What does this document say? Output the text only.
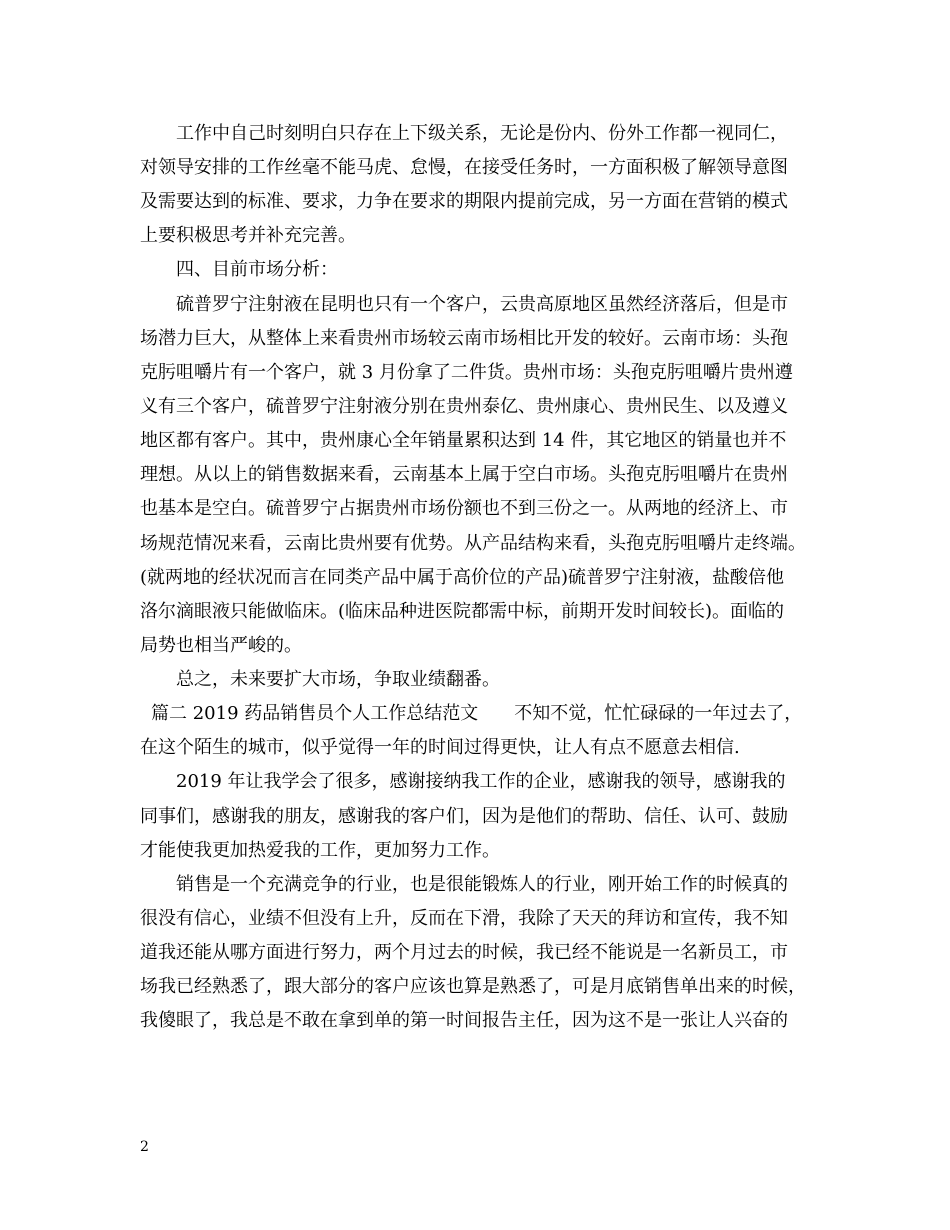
工作中自己时刻明白只存在上下级关系，无论是份内、份外工作都一视同仁，
对领导安排的工作丝毫不能马虎、怠慢，在接受任务时，一方面积极了解领导意图
及需要达到的标准、要求，力争在要求的期限内提前完成，另一方面在营销的模式
上要积极思考并补充完善。
四、目前市场分析：
硫普罗宁注射液在昆明也只有一个客户，云贵高原地区虽然经济落后，但是市
场潜力巨大，从整体上来看贵州市场较云南市场相比开发的较好。云南市场：头孢
克肟咀嚼片有一个客户，就 3 月份拿了二件货。贵州市场：头孢克肟咀嚼片贵州遵
义有三个客户，硫普罗宁注射液分别在贵州泰亿、贵州康心、贵州民生、以及遵义
地区都有客户。其中，贵州康心全年销量累积达到 14 件，其它地区的销量也并不
理想。从以上的销售数据来看，云南基本上属于空白市场。头孢克肟咀嚼片在贵州
也基本是空白。硫普罗宁占据贵州市场份额也不到三份之一。从两地的经济上、市
场规范情况来看，云南比贵州要有优势。从产品结构来看，头孢克肟咀嚼片走终端。
(就两地的经状况而言在同类产品中属于高价位的产品)硫普罗宁注射液，盐酸倍他
洛尔滴眼液只能做临床。(临床品种进医院都需中标，前期开发时间较长)。面临的
局势也相当严峻的。
总之，未来要扩大市场，争取业绩翻番。
篇二 2019 药品销售员个人工作总结范文　　不知不觉，忙忙碌碌的一年过去了，
在这个陌生的城市，似乎觉得一年的时间过得更快，让人有点不愿意去相信.
2019 年让我学会了很多，感谢接纳我工作的企业，感谢我的领导，感谢我的
同事们，感谢我的朋友，感谢我的客户们，因为是他们的帮助、信任、认可、鼓励
才能使我更加热爱我的工作，更加努力工作。
销售是一个充满竞争的行业，也是很能锻炼人的行业，刚开始工作的时候真的
很没有信心，业绩不但没有上升，反而在下滑，我除了天天的拜访和宣传，我不知
道我还能从哪方面进行努力，两个月过去的时候，我已经不能说是一名新员工，市
场我已经熟悉了，跟大部分的客户应该也算是熟悉了，可是月底销售单出来的时候，
我傻眼了，我总是不敢在拿到单的第一时间报告主任，因为这不是一张让人兴奋的
2
